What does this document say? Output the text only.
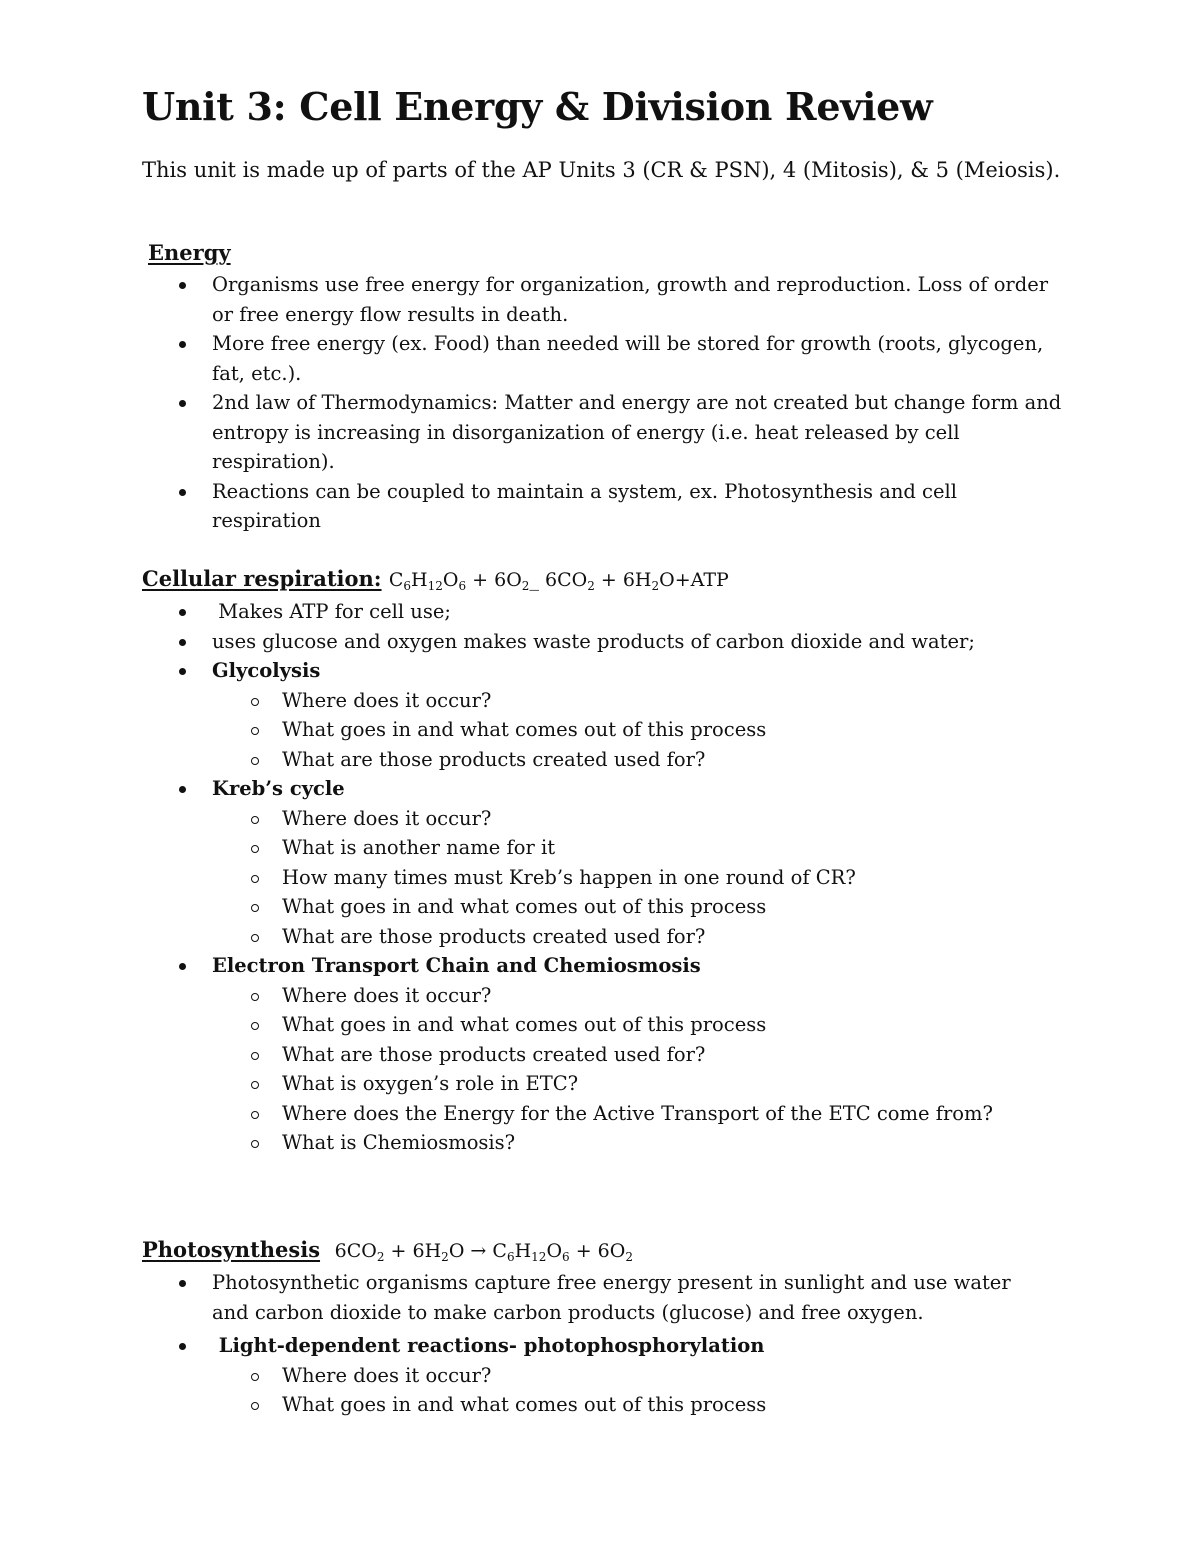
Unit 3: Cell Energy & Division Review

This unit is made up of parts of the AP Units 3 (CR & PSN), 4 (Mitosis), & 5 (Meiosis).

Energy
Organisms use free energy for organization, growth and reproduction. Loss of order or free energy flow results in death.
More free energy (ex. Food) than needed will be stored for growth (roots, glycogen, fat, etc.).
2nd law of Thermodynamics: Matter and energy are not created but change form and entropy is increasing in disorganization of energy (i.e. heat released by cell respiration).
Reactions can be coupled to maintain a system, ex. Photosynthesis and cell respiration
Cellular respiration: $C_6H_{12}O_6$ + $6O_2\_$ $6CO_2 + 6H_2O+ATP$
Makes ATP for cell use;
uses glucose and oxygen makes waste products of carbon dioxide and water;
Glycolysis
Where does it occur?
What goes in and what comes out of this process
What are those products created used for?
Kreb’s cycle
Where does it occur?
What is another name for it
How many times must Kreb’s happen in one round of CR?
What goes in and what comes out of this process
What are those products created used for?
Electron Transport Chain and Chemiosmosis
Where does it occur?
What goes in and what comes out of this process
What are those products created used for?
What is oxygen’s role in ETC?
Where does the Energy for the Active Transport of the ETC come from?
What is Chemiosmosis?
Photosynthesis $6CO_2 + 6H_2O \to C_6H_{12}O_6 + 6O_2$
Photosynthetic organisms capture free energy present in sunlight and use water and carbon dioxide to make carbon products (glucose) and free oxygen.
Light-dependent reactions- photophosphorylation
Where does it occur?
What goes in and what comes out of this process
